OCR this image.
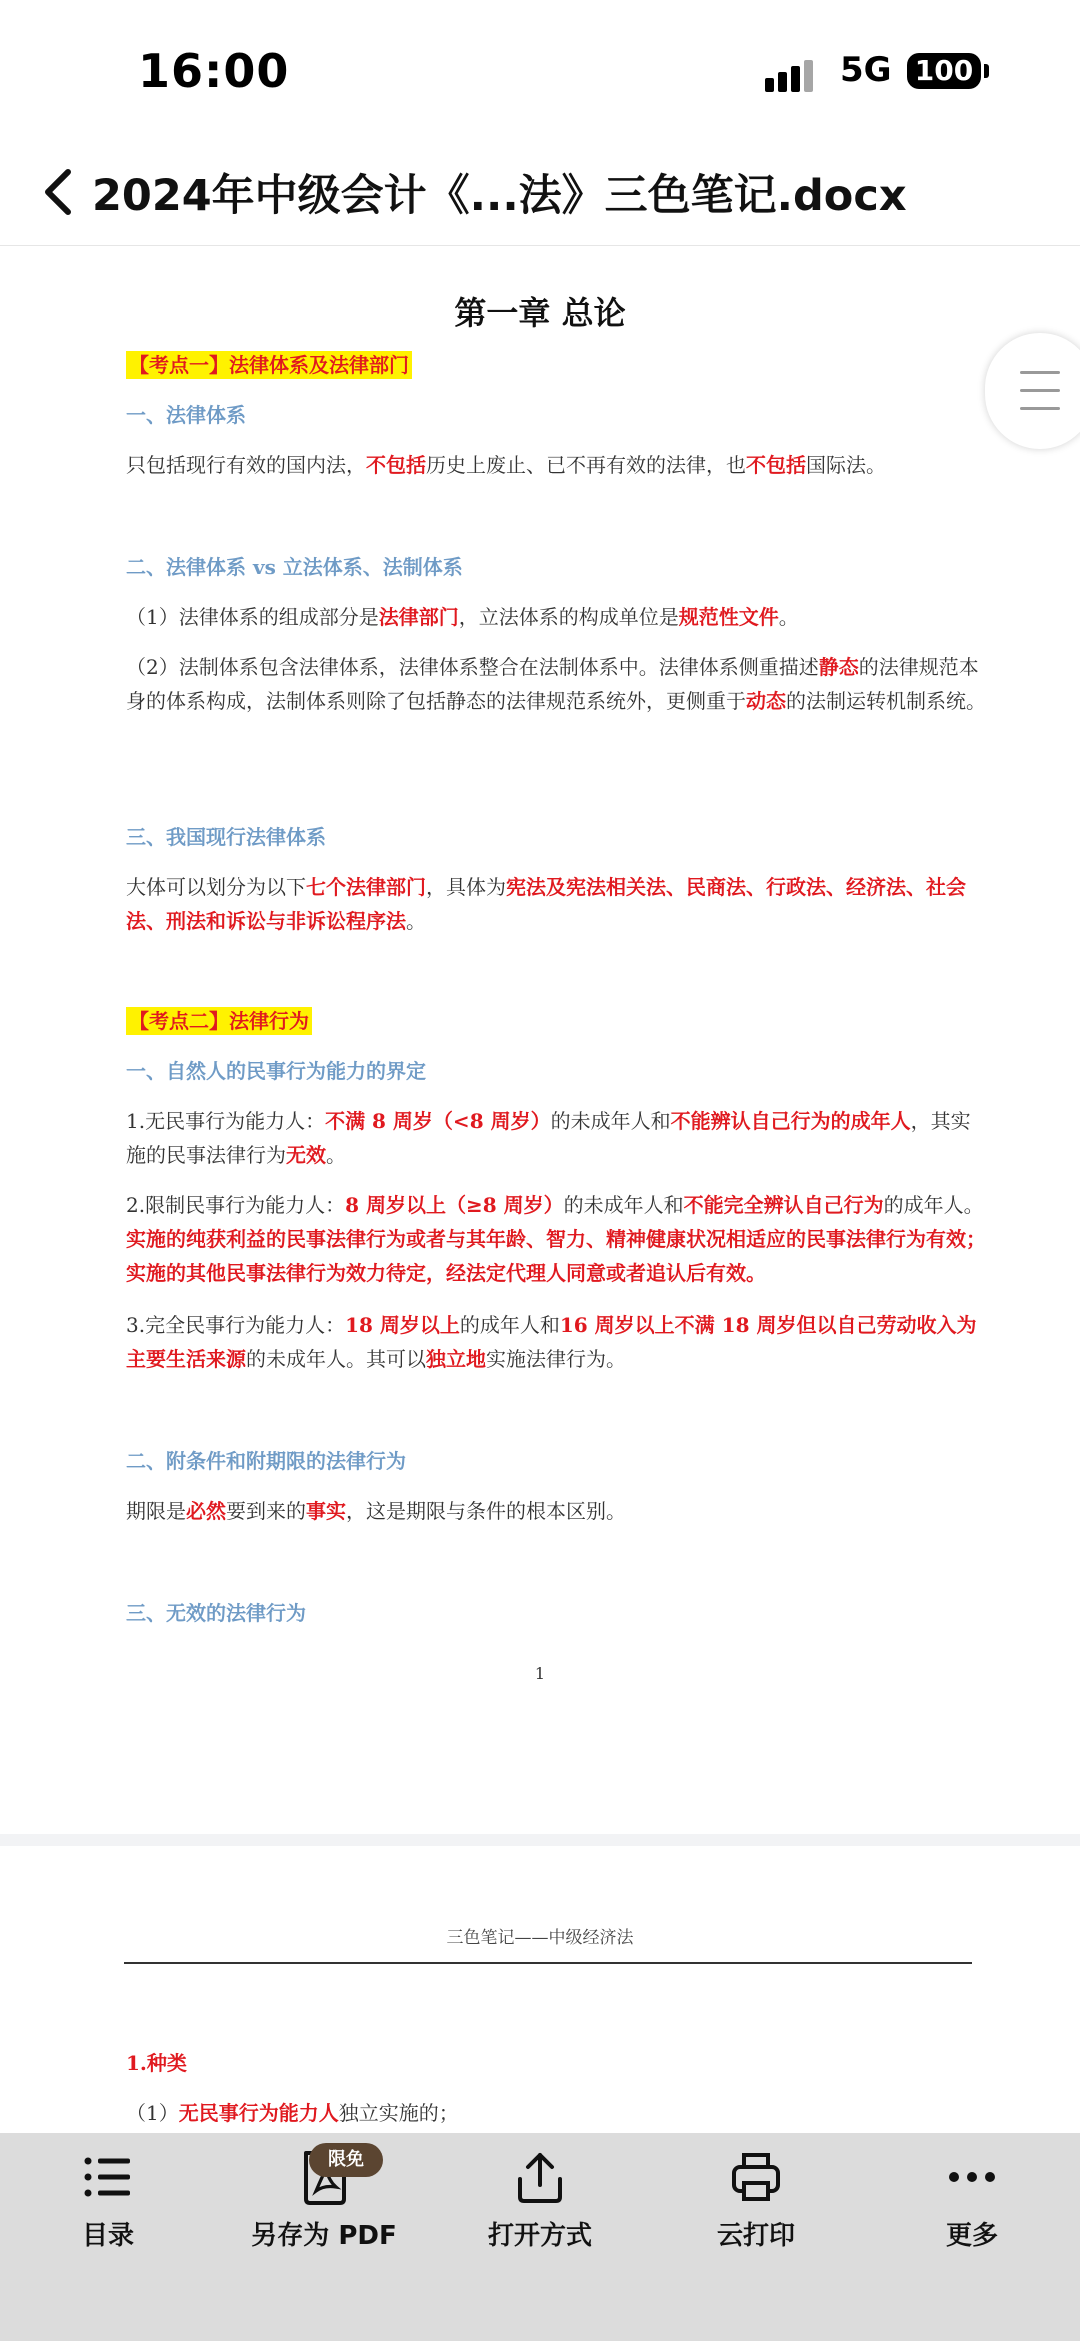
16:00	5G 100
2024年中级会计《...法》三色笔记.docx
第一章 总论
【考点一】法律体系及法律部门
一、法律体系
只包括现行有效的国内法，不包括历史上废止、已不再有效的法律，也不包括国际法。
二、法律体系 vs 立法体系、法制体系
（1）法律体系的组成部分是法律部门，立法体系的构成单位是规范性文件。
（2）法制体系包含法律体系，法律体系整合在法制体系中。法律体系侧重描述静态的法律规范本身的体系构成，法制体系则除了包括静态的法律规范系统外，更侧重于动态的法制运转机制系统。
三、我国现行法律体系
大体可以划分为以下七个法律部门，具体为宪法及宪法相关法、民商法、行政法、经济法、社会法、刑法和诉讼与非诉讼程序法。
【考点二】法律行为
一、自然人的民事行为能力的界定
1.无民事行为能力人：不满 8 周岁（<8 周岁）的未成年人和不能辨认自己行为的成年人，其实施的民事法律行为无效。
2.限制民事行为能力人：8 周岁以上（≥8 周岁）的未成年人和不能完全辨认自己行为的成年人。实施的纯获利益的民事法律行为或者与其年龄、智力、精神健康状况相适应的民事法律行为有效；实施的其他民事法律行为效力待定，经法定代理人同意或者追认后有效。
3.完全民事行为能力人：18 周岁以上的成年人和16 周岁以上不满 18 周岁但以自己劳动收入为主要生活来源的未成年人。其可以独立地实施法律行为。
二、附条件和附期限的法律行为
期限是必然要到来的事实，这是期限与条件的根本区别。
三、无效的法律行为
1
1.种类
（1）无民事行为能力人独立实施的；
三色笔记——中级经济法
目录	另存为 PDF	打开方式	云打印	更多
限免
